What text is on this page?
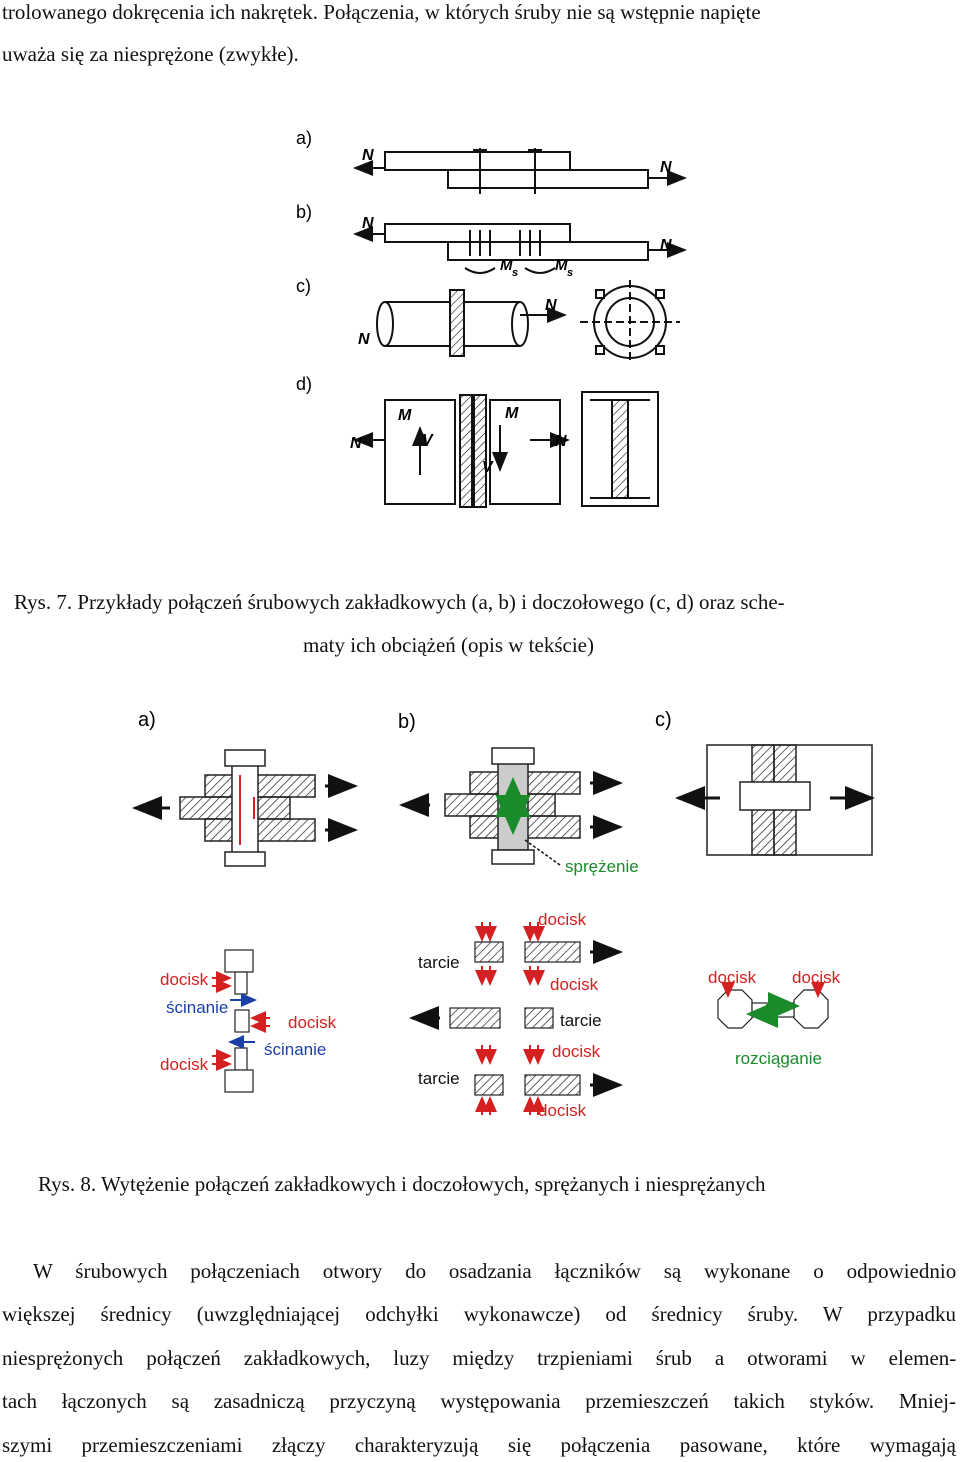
trolowanego dokręcenia ich nakrętek. Połączenia, w których śruby nie są wstępnie napięte
uważa się za niesprężone (zwykłe).
a)
b)
c)
d)
N
N
N
N
M s M s
N
N
M	M
V
V
N	N
Rys. 7. Przykłady połączeń śrubowych zakładkowych (a, b) i doczołowego (c, d) oraz sche-
maty ich obciążeń (opis w tekście)
a)	b)	c)
sprężenie
docisk
ścinanie
docisk
ścinanie
docisk
docisk
tarcie
docisk
tarcie
docisk
tarcie
docisk
docisk docisk
rozciąganie
Rys. 8. Wytężenie połączeń zakładkowych i doczołowych, sprężanych i niesprężanych
W śrubowych połączeniach otwory do osadzania łączników są wykonane o odpowiednio
większej średnicy (uwzględniającej odchyłki wykonawcze) od średnicy śruby. W przypadku
niesprężonych połączeń zakładkowych, luzy między trzpieniami śrub a otworami w elemen-
tach łączonych są zasadniczą przyczyną występowania przemieszczeń takich styków. Mniej-
szymi przemieszczeniami złączy charakteryzują się połączenia pasowane, które wymagają
